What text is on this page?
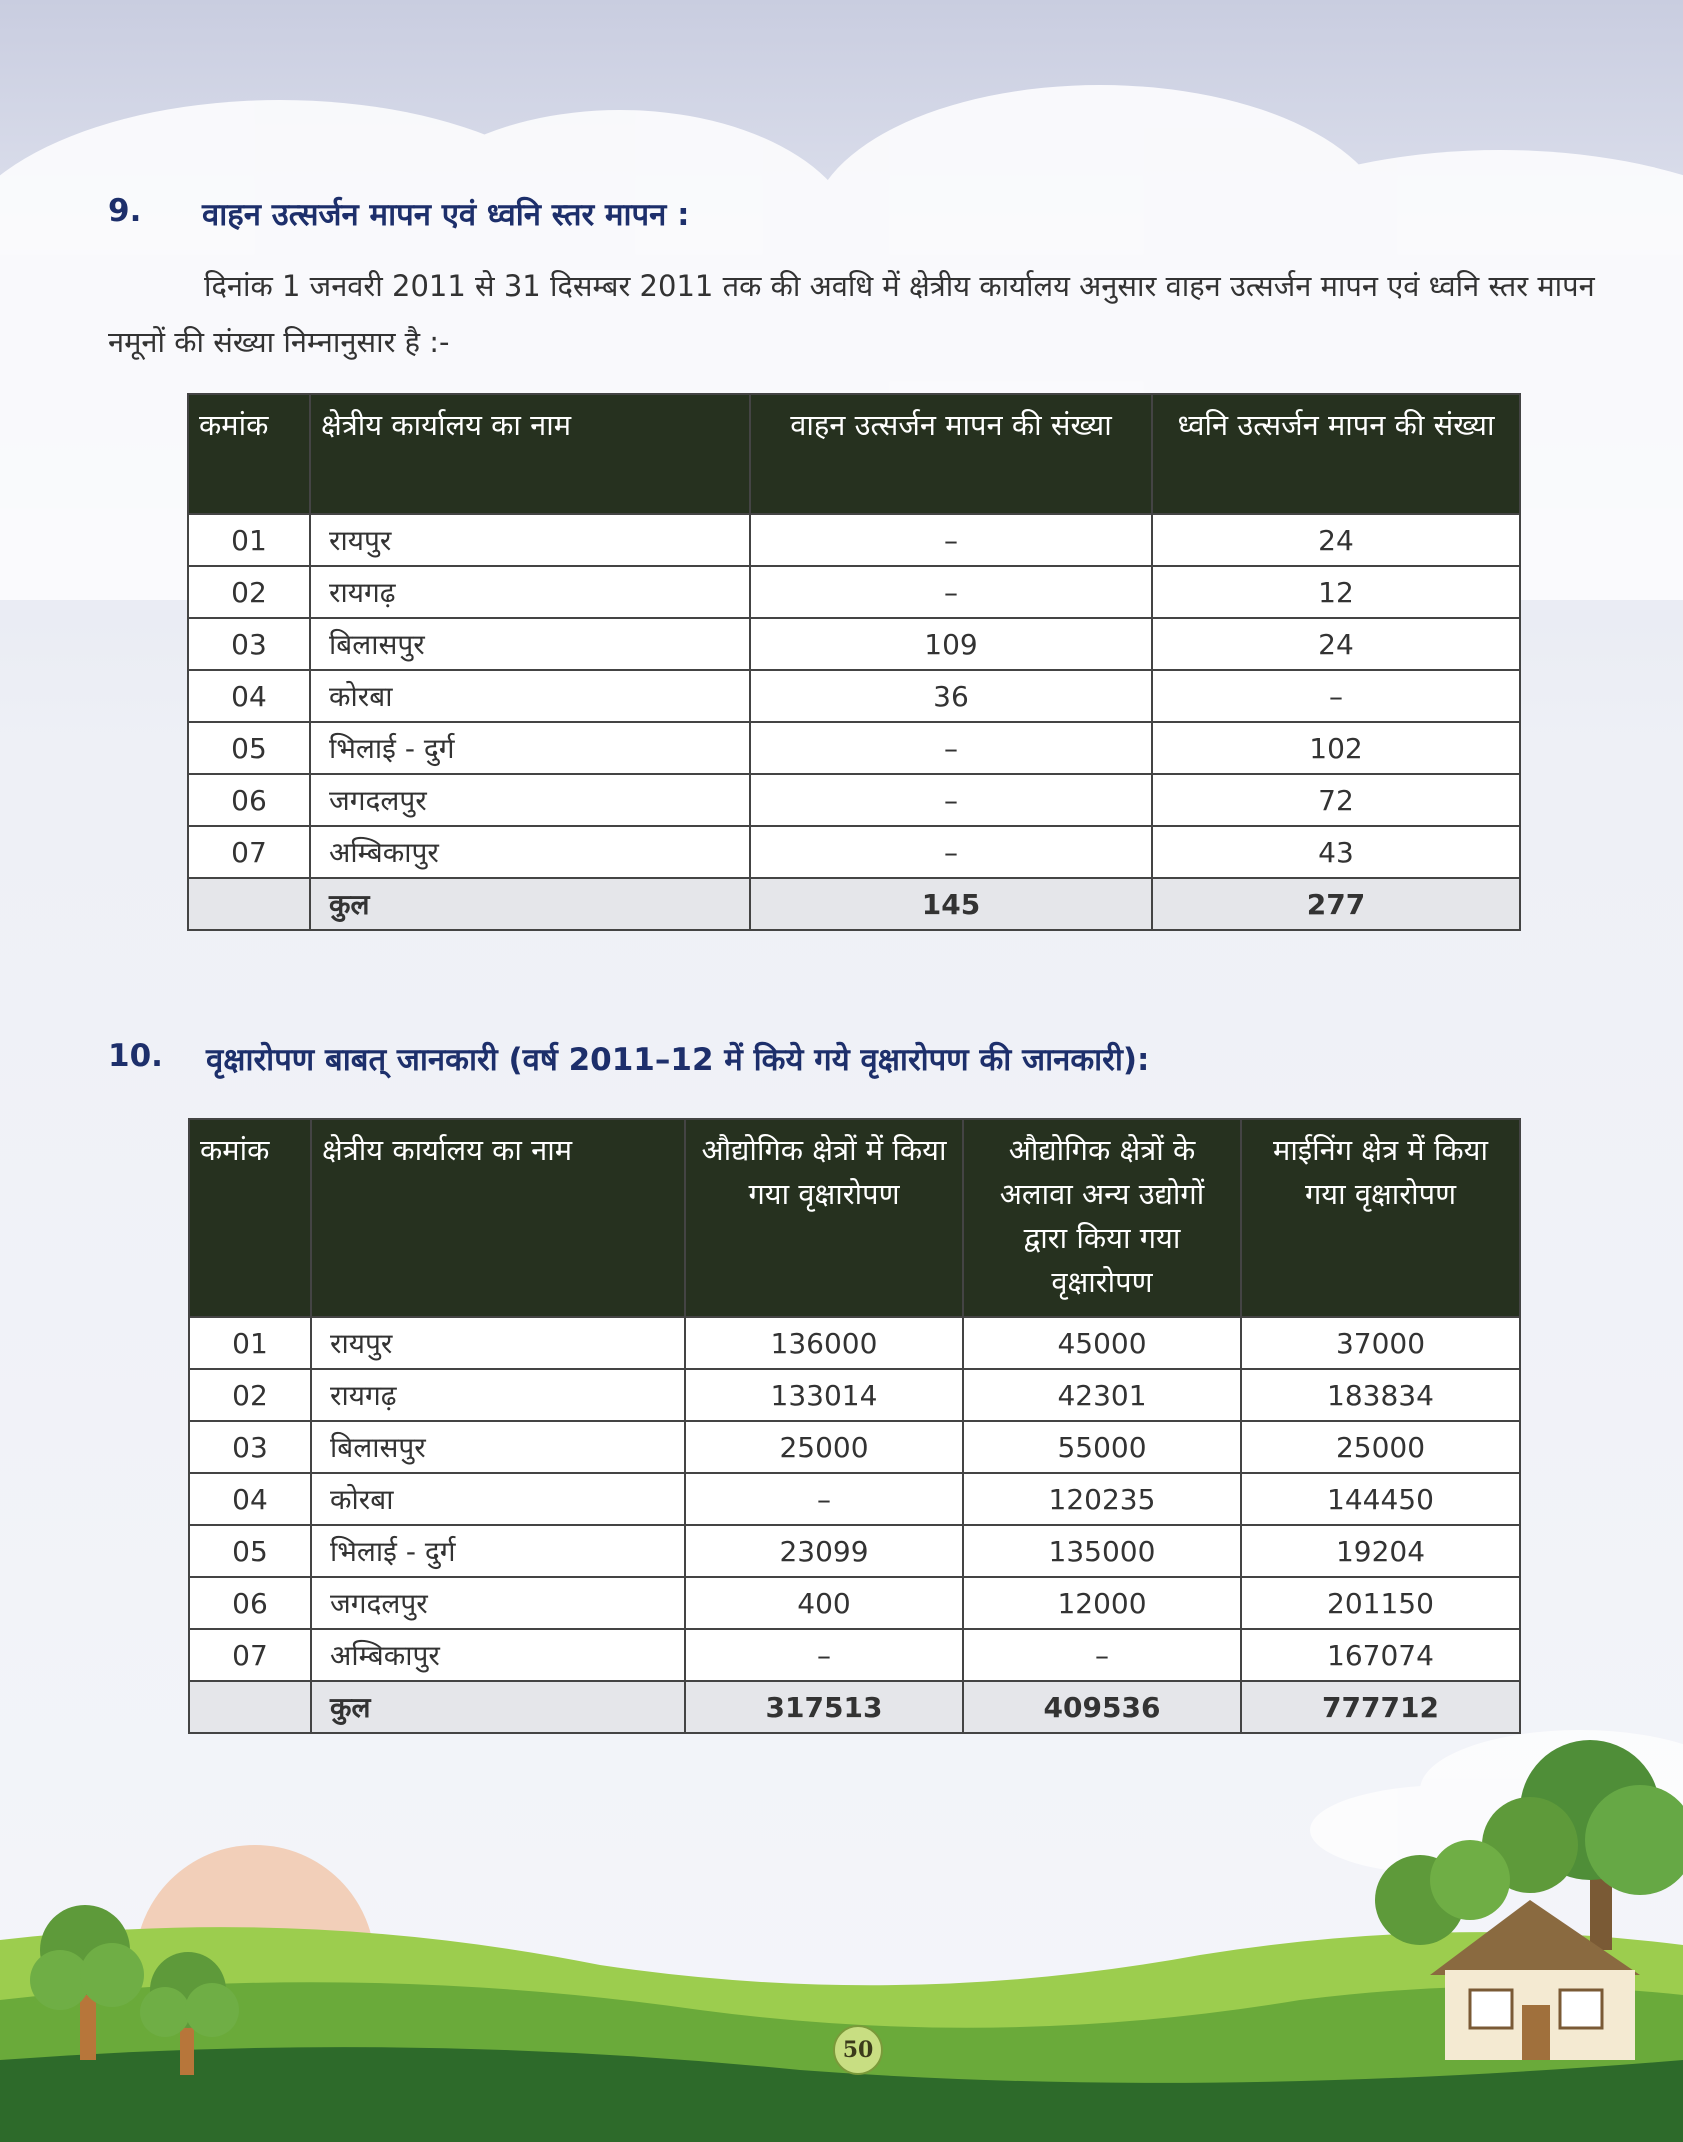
9. वाहन उत्सर्जन मापन एवं ध्वनि स्तर मापन :
दिनांक 1 जनवरी 2011 से 31 दिसम्बर 2011 तक की अवधि में क्षेत्रीय कार्यालय अनुसार वाहन उत्सर्जन मापन एवं ध्वनि स्तर मापन नमूनों की संख्या निम्नानुसार है :-
कमांक	क्षेत्रीय कार्यालय का नाम	वाहन उत्सर्जन मापन की संख्या	ध्वनि उत्सर्जन मापन की संख्या
01	रायपुर	–	24
02	रायगढ़	–	12
03	बिलासपुर	109	24
04	कोरबा	36	–
05	भिलाई - दुर्ग	–	102
06	जगदलपुर	–	72
07	अम्बिकापुर	–	43
	कुल	145	277
10. वृक्षारोपण बाबत् जानकारी (वर्ष 2011–12 में किये गये वृक्षारोपण की जानकारी):
कमांक	क्षेत्रीय कार्यालय का नाम	औद्योगिक क्षेत्रों में किया गया वृक्षारोपण	औद्योगिक क्षेत्रों के अलावा अन्य उद्योगों द्वारा किया गया वृक्षारोपण	माईनिंग क्षेत्र में किया गया वृक्षारोपण
01	रायपुर	136000	45000	37000
02	रायगढ़	133014	42301	183834
03	बिलासपुर	25000	55000	25000
04	कोरबा	–	120235	144450
05	भिलाई - दुर्ग	23099	135000	19204
06	जगदलपुर	400	12000	201150
07	अम्बिकापुर	–	–	167074
	कुल	317513	409536	777712
50
